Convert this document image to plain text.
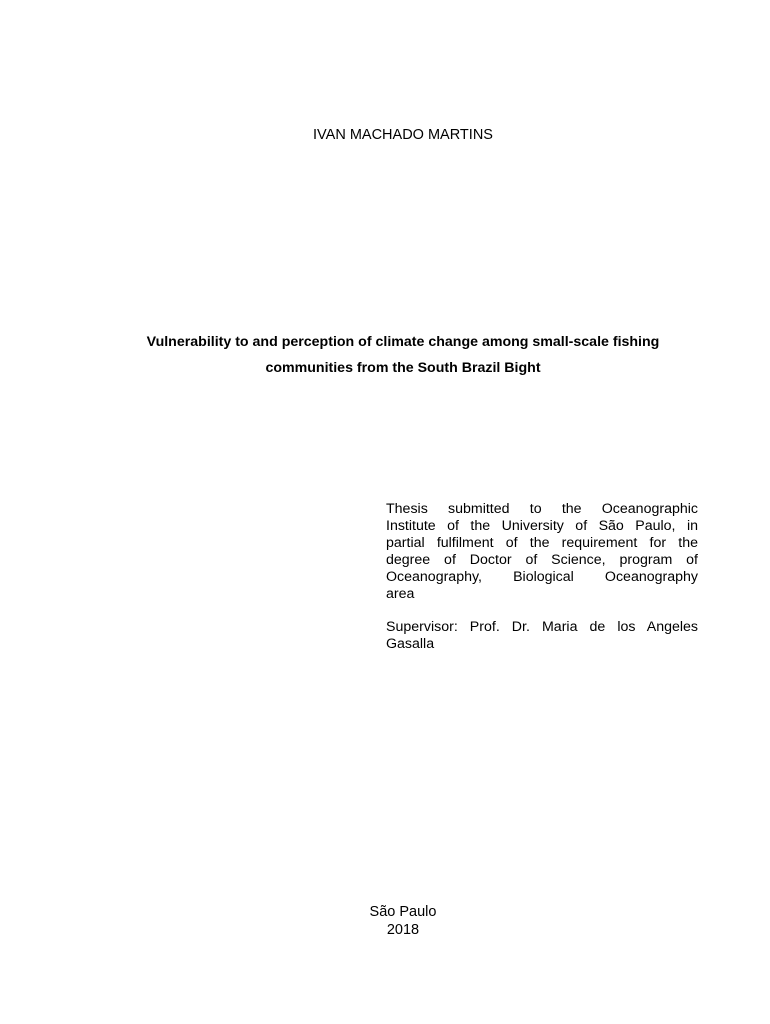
IVAN MACHADO MARTINS
Vulnerability to and perception of climate change among small-scale fishing
communities from the South Brazil Bight
Thesis submitted to the Oceanographic
Institute of the University of São Paulo, in
partial fulfilment of the requirement for the
degree of Doctor of Science, program of
Oceanography, Biological Oceanography
area
Supervisor: Prof. Dr. Maria de los Angeles
Gasalla
São Paulo
2018
